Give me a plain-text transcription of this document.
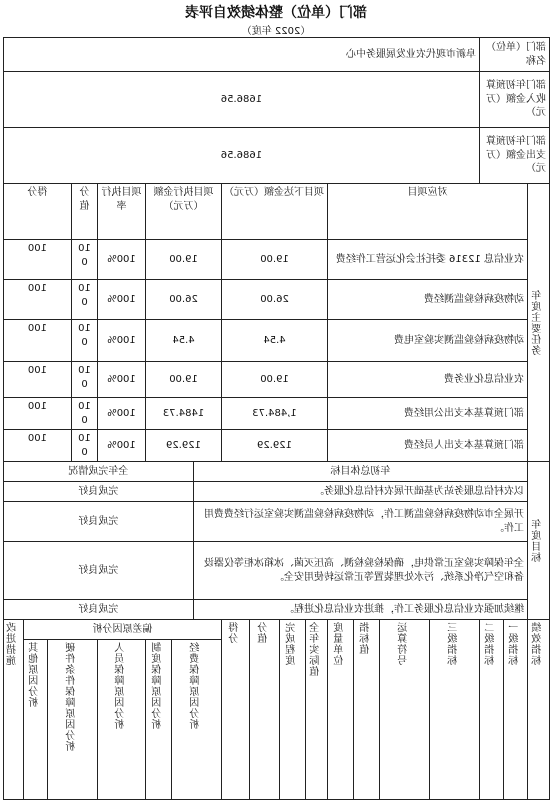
部门（单位）整体绩效自评表
（2022 年度）
部门（单位）名称			阜新市现代农业发展服务中心															
部门年初预算收入金额（万元）			1686.56															
部门年初预算支出金额（万元）			1686.56															

年度主要任务	对应项目						项目下达金额（万元）				项目执行金额（万元）			项目执行率	分值	得分		
	农业信息 12316 委托社会化运营工作经费						19.00				19.00			100%	100	100		
	动物疫病检验监测经费						26.00				26.00			100%	100	100		
	动物疫病检验监测实验室电费						4.54				4.54			100%	100	100		
	农业信息化业务费						19.00				19.00			100%	100	100		
	部门预算基本支出公用经费						1,484.73				1484.73			100%	100	100		
	部门预算基本支出人员经费						129.29				129.29			100%	100	100		

年度目标	年初总体目标											全年完成情况						
	以农村信息服务站为基础开展农村信息化服务。											完成良好						
	开展全市动物疫病检验监测工作，动物疫病检验监测实验室运行经费费用工作。											完成良好						
	全年保障实验室正常供电，确保检验检测、高压灭菌、冰箱冰柜等仪器设备和空气净化系统、污水处理装置等正常运转使用安全。											完成良好						
	继续加强农业信息化服务工作，推进农业信息化进程。											完成良好						

绩效指标	一级指标	二级指标	三级指标	运算符号	指标值	度量单位	全年实际值	完成程度	分值	得分	偏差原因分析							改进措施

											经费保障原因分析		制度保障原因分析	人员保障原因分析	硬件条件保障原因分析		其他原因分析	
